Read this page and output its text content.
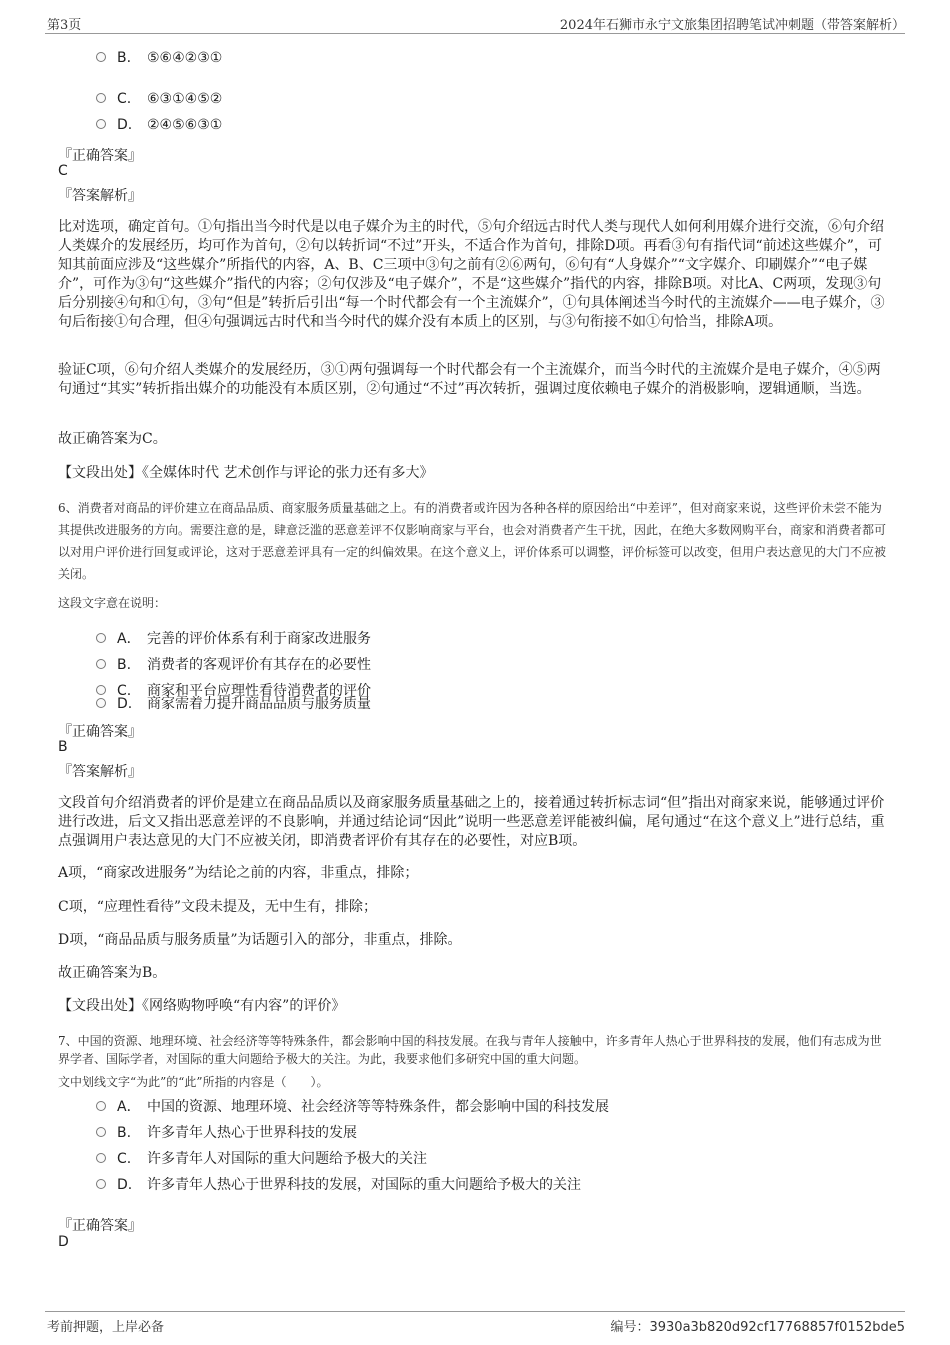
第3页	2024年石狮市永宁文旅集团招聘笔试冲刺题（带答案解析）
B. ⑤⑥④②③①
C. ⑥③①④⑤②
D. ②④⑤⑥③①
『正确答案』
C
『答案解析』

比对选项，确定首句。①句指出当今时代是以电子媒介为主的时代，⑤句介绍远古时代人类与现代人如何利用媒介进行交流，⑥句介绍人类媒介的发展经历，均可作为首句，②句以转折词“不过”开头，不适合作为首句，排除D项。再看③句有指代词“前述这些媒介”，可知其前面应涉及“这些媒介”所指代的内容，A、B、C三项中③句之前有②⑥两句，⑥句有“人身媒介”“文字媒介、印刷媒介”“电子媒介”，可作为③句“这些媒介”指代的内容；②句仅涉及“电子媒介”，不是“这些媒介”指代的内容，排除B项。对比A、C两项，发现③句后分别接④句和①句，③句“但是”转折后引出“每一个时代都会有一个主流媒介”，①句具体阐述当今时代的主流媒介——电子媒介，③句后衔接①句合理，但④句强调远古时代和当今时代的媒介没有本质上的区别，与③句衔接不如①句恰当，排除A项。

验证C项，⑥句介绍人类媒介的发展经历，③①两句强调每一个时代都会有一个主流媒介，而当今时代的主流媒介是电子媒介，④⑤两句通过“其实”转折指出媒介的功能没有本质区别，②句通过“不过”再次转折，强调过度依赖电子媒介的消极影响，逻辑通顺，当选。

故正确答案为C。

【文段出处】《全媒体时代 艺术创作与评论的张力还有多大》

6、消费者对商品的评价建立在商品品质、商家服务质量基础之上。有的消费者或许因为各种各样的原因给出“中差评”，但对商家来说，这些评价未尝不能为其提供改进服务的方向。需要注意的是，肆意泛滥的恶意差评不仅影响商家与平台，也会对消费者产生干扰，因此，在绝大多数网购平台，商家和消费者都可以对用户评价进行回复或评论，这对于恶意差评具有一定的纠偏效果。在这个意义上，评价体系可以调整，评价标签可以改变，但用户表达意见的大门不应被关闭。

这段文字意在说明：

A． 完善的评价体系有利于商家改进服务
B. 消费者的客观评价有其存在的必要性
C. 商家和平台应理性看待消费者的评价
D. 商家需着力提升商品品质与服务质量
『正确答案』
B
『答案解析』

文段首句介绍消费者的评价是建立在商品品质以及商家服务质量基础之上的，接着通过转折标志词“但”指出对商家来说，能够通过评价进行改进，后文又指出恶意差评的不良影响，并通过结论词“因此”说明一些恶意差评能被纠偏，尾句通过“在这个意义上”进行总结，重点强调用户表达意见的大门不应被关闭，即消费者评价有其存在的必要性，对应B项。

A项，“商家改进服务”为结论之前的内容，非重点，排除；

C项，“应理性看待”文段未提及，无中生有，排除；

D项，“商品品质与服务质量”为话题引入的部分，非重点，排除。

故正确答案为B。

【文段出处】《网络购物呼唤“有内容”的评价》

7、中国的资源、地理环境、社会经济等等特殊条件，都会影响中国的科技发展。在我与青年人接触中，许多青年人热心于世界科技的发展，他们有志成为世界学者、国际学者，对国际的重大问题给予极大的关注。为此，我要求他们多研究中国的重大问题。

文中划线文字“为此”的“此”所指的内容是（　　）。

A． 中国的资源、地理环境、社会经济等等特殊条件，都会影响中国的科技发展
B. 许多青年人热心于世界科技的发展
C. 许多青年人对国际的重大问题给予极大的关注
D. 许多青年人热心于世界科技的发展，对国际的重大问题给予极大的关注
『正确答案』
D
考前押题，上岸必备	编号：3930a3b820d92cf17768857f0152bde5
